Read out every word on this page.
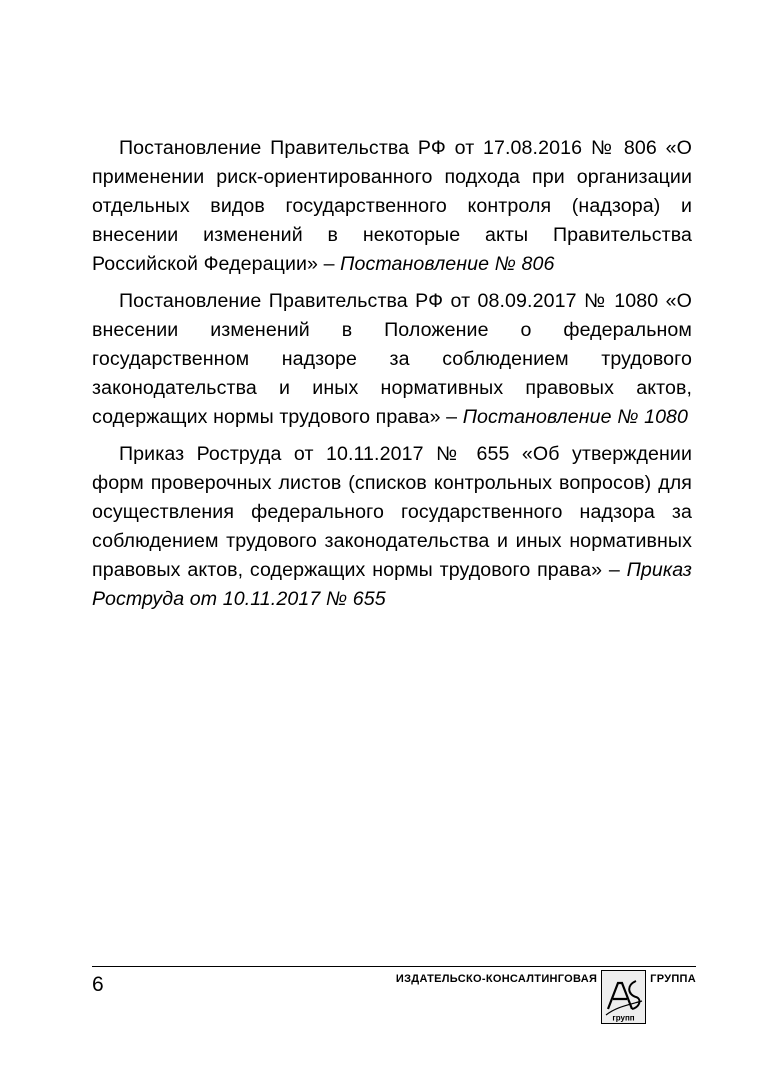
Постановление Правительства РФ от 17.08.2016 № 806 «О применении риск-ориентированного подхода при организации отдельных видов государственного контроля (надзора) и внесении изменений в некоторые акты Правительства Российской Федерации» – Постановление № 806

Постановление Правительства РФ от 08.09.2017 № 1080 «О внесении изменений в Положение о федеральном государственном надзоре за соблюдением трудового законодательства и иных нормативных правовых актов, содержащих нормы трудового права» – Постановление № 1080

Приказ Роструда от 10.11.2017 № 655 «Об утверждении форм проверочных листов (списков контрольных вопросов) для осуществления федерального государственного надзора за соблюдением трудового законодательства и иных нормативных правовых актов, содержащих нормы трудового права» – Приказ Роструда от 10.11.2017 № 655

6	ИЗДАТЕЛЬСКО-КОНСАЛТИНГОВАЯ
групп
ГРУППА
